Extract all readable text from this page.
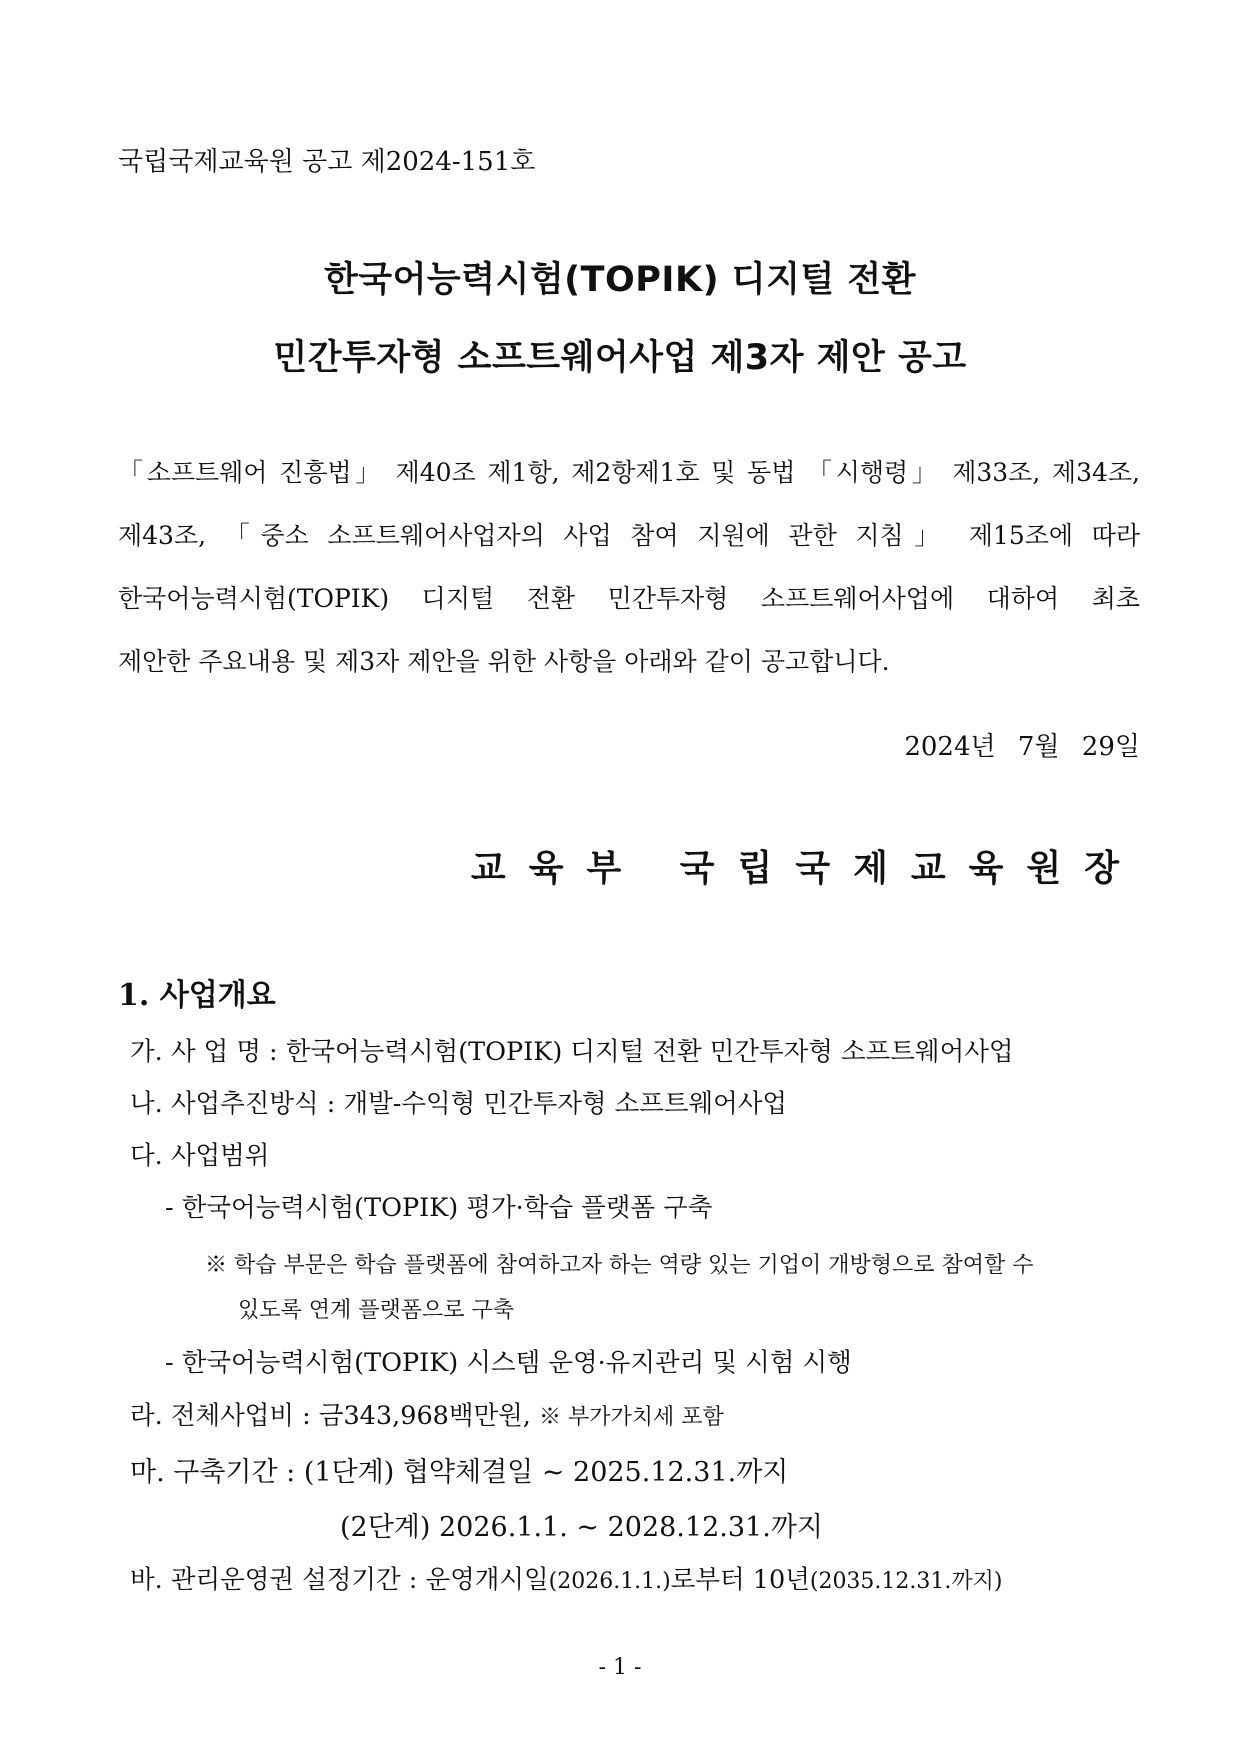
국립국제교육원 공고 제2024-151호
한국어능력시험(TOPIK) 디지털 전환
민간투자형 소프트웨어사업 제3자 제안 공고
「소프트웨어 진흥법」 제40조 제1항, 제2항제1호 및 동법 「시행령」 제33조, 제34조,
제43조, 「중소 소프트웨어사업자의 사업 참여 지원에 관한 지침」 제15조에 따라
한국어능력시험(TOPIK) 디지털 전환 민간투자형 소프트웨어사업에 대하여 최초
제안한 주요내용 및 제3자 제안을 위한 사항을 아래와 같이 공고합니다.
2024년 7월 29일
교육부 국립국제교육원장
1. 사업개요
가. 사 업 명 : 한국어능력시험(TOPIK) 디지털 전환 민간투자형 소프트웨어사업
나. 사업추진방식 : 개발-수익형 민간투자형 소프트웨어사업
다. 사업범위
- 한국어능력시험(TOPIK) 평가·학습 플랫폼 구축
※ 학습 부문은 학습 플랫폼에 참여하고자 하는 역량 있는 기업이 개방형으로 참여할 수
있도록 연계 플랫폼으로 구축
- 한국어능력시험(TOPIK) 시스템 운영·유지관리 및 시험 시행
라. 전체사업비 : 금343,968백만원, ※ 부가가치세 포함
마. 구축기간 : (1단계) 협약체결일 ~ 2025.12.31.까지
(2단계) 2026.1.1. ~ 2028.12.31.까지
바. 관리운영권 설정기간 : 운영개시일(2026.1.1.)로부터 10년(2035.12.31.까지)
- 1 -
